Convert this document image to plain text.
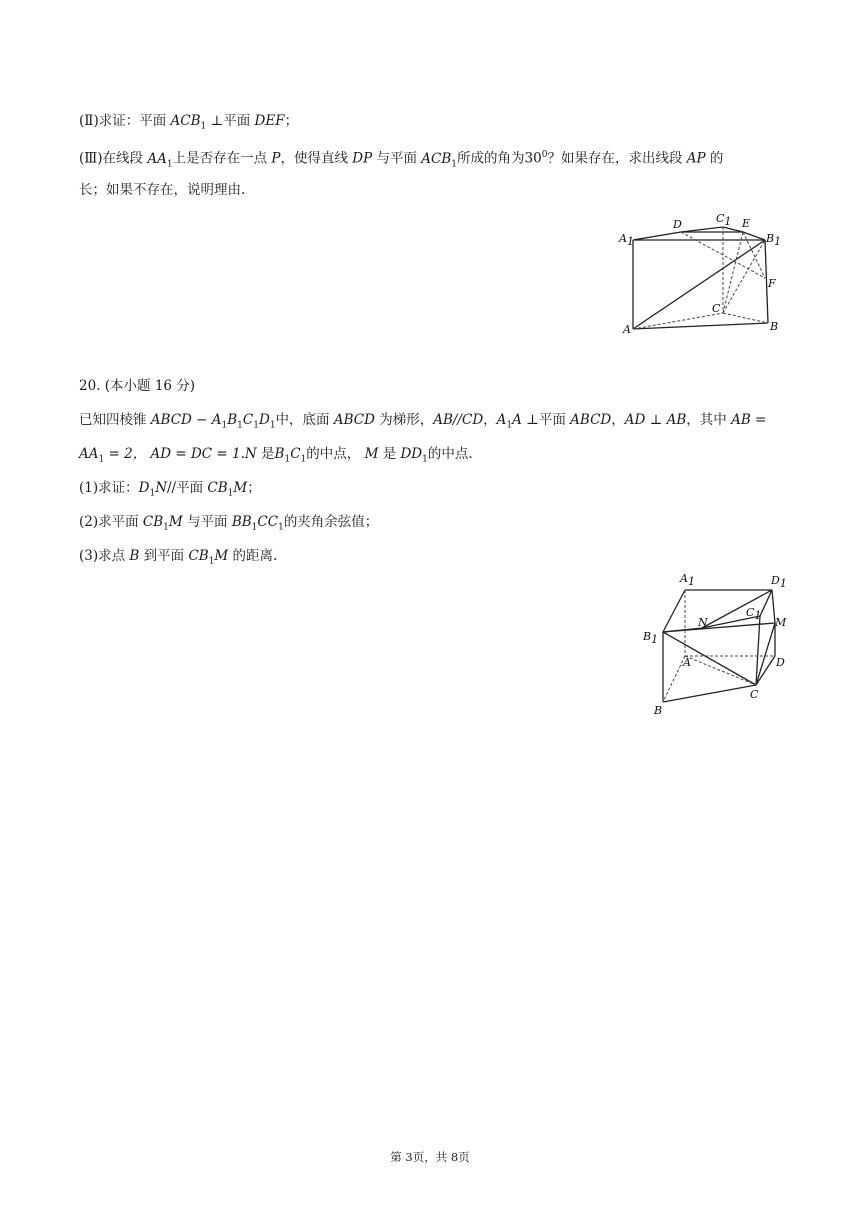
(Ⅱ)求证：平面 $ACB_1$ ⊥平面 DEF；
(Ⅲ)在线段 $AA_1$上是否存在一点 P，使得直线 DP 与平面 $ACB_1$所成的角为$30^0$？如果存在，求出线段 AP 的
长；如果不存在，说明理由.
A1
D	C1 E
B1
F
C
A	B
20. (本小题 16 分)
已知四棱锥 ABCD − $A_1B_1C_1D_1$中，底面 ABCD 为梯形，AB//CD，$A_1A$ ⊥平面 ABCD，AD ⊥ AB，其中 AB =
$AA_1 = 2$， AD = DC = 1.N 是$B_1C_1$的中点， M 是 $DD_1$的中点.
(1)求证：$D_1N//$平面 $CB_1M$；
(2)求平面 $CB_1M$ 与平面 $BB_1CC_1$的夹角余弦值；
(3)求点 B 到平面 $CB_1M$ 的距离.
A1	D1
N
C1
M
B1
A	D
C
B
第 3页，共 8页
